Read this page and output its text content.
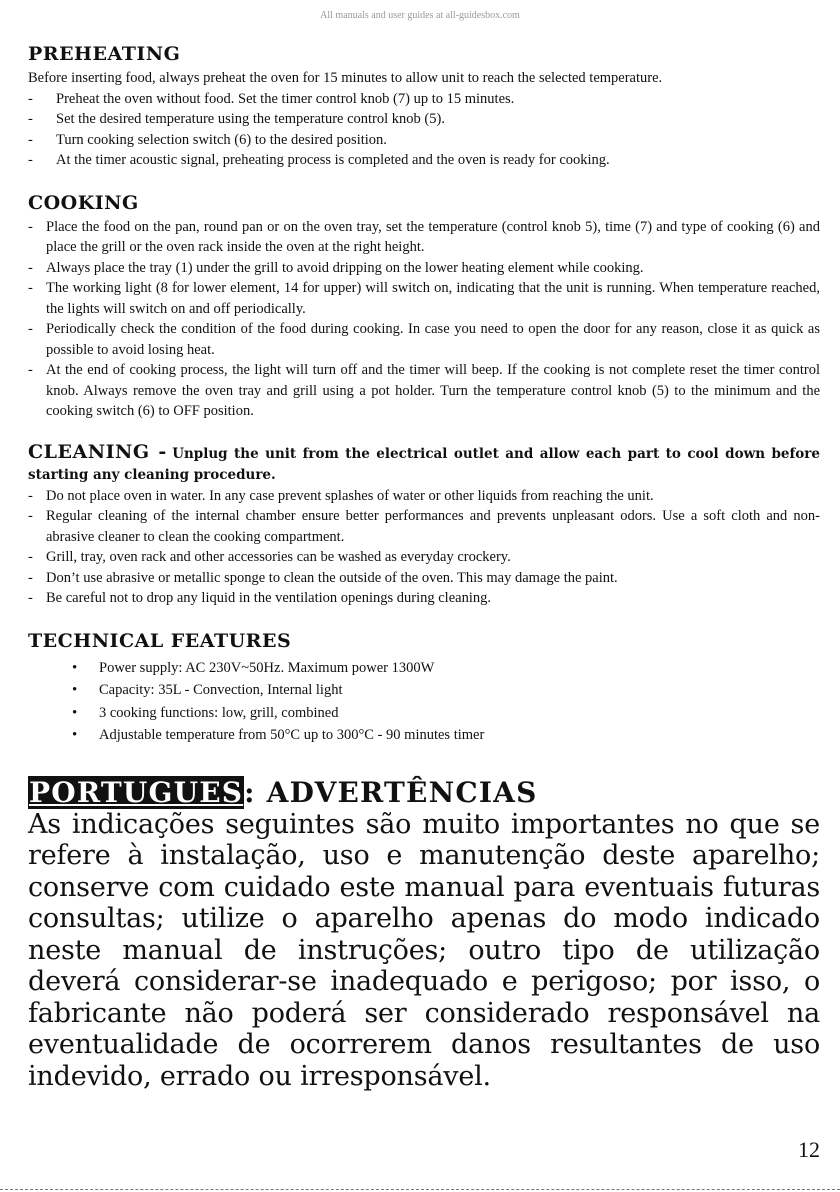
All manuals and user guides at all-guidesbox.com
PREHEATING

Before inserting food, always preheat the oven for 15 minutes to allow unit to reach the selected temperature.

- Preheat the oven without food. Set the timer control knob (7) up to 15 minutes.
- Set the desired temperature using the temperature control knob (5).
- Turn cooking selection switch (6) to the desired position.
- At the timer acoustic signal, preheating process is completed and the oven is ready for cooking.
COOKING
- Place the food on the pan, round pan or on the oven tray, set the temperature (control knob 5), time (7) and type of cooking (6) and place the grill or the oven rack inside the oven at the right height.
- Always place the tray (1) under the grill to avoid dripping on the lower heating element while cooking.
- The working light (8 for lower element, 14 for upper) will switch on, indicating that the unit is running. When temperature reached, the lights will switch on and off periodically.
- Periodically check the condition of the food during cooking. In case you need to open the door for any reason, close it as quick as possible to avoid losing heat.
- At the end of cooking process, the light will turn off and the timer will beep. If the cooking is not complete reset the timer control knob. Always remove the oven tray and grill using a pot holder. Turn the temperature control knob (5) to the minimum and the cooking switch (6) to OFF position.
CLEANING - Unplug the unit from the electrical outlet and allow each part to cool down before starting any cleaning procedure.
- Do not place oven in water. In any case prevent splashes of water or other liquids from reaching the unit.
- Regular cleaning of the internal chamber ensure better performances and prevents unpleasant odors. Use a soft cloth and non-abrasive cleaner to clean the cooking compartment.
- Grill, tray, oven rack and other accessories can be washed as everyday crockery.
- Don’t use abrasive or metallic sponge to clean the outside of the oven. This may damage the paint.
- Be careful not to drop any liquid in the ventilation openings during cleaning.
TECHNICAL FEATURES
• Power supply: AC 230V~50Hz. Maximum power 1300W
• Capacity: 35L - Convection, Internal light
• 3 cooking functions: low, grill, combined
• Adjustable temperature from 50°C up to 300°C - 90 minutes timer
PORTUGUES: ADVERTÊNCIAS

As indicações seguintes são muito importantes no que se refere à instalação, uso e manutenção deste aparelho; conserve com cuidado este manual para eventuais futuras consultas; utilize o aparelho apenas do modo indicado neste manual de instruções; outro tipo de utilização deverá considerar-se inadequado e perigoso; por isso, o fabricante não poderá ser considerado responsável na eventualidade de ocorrerem danos resultantes de uso indevido, errado ou irresponsável.

12
